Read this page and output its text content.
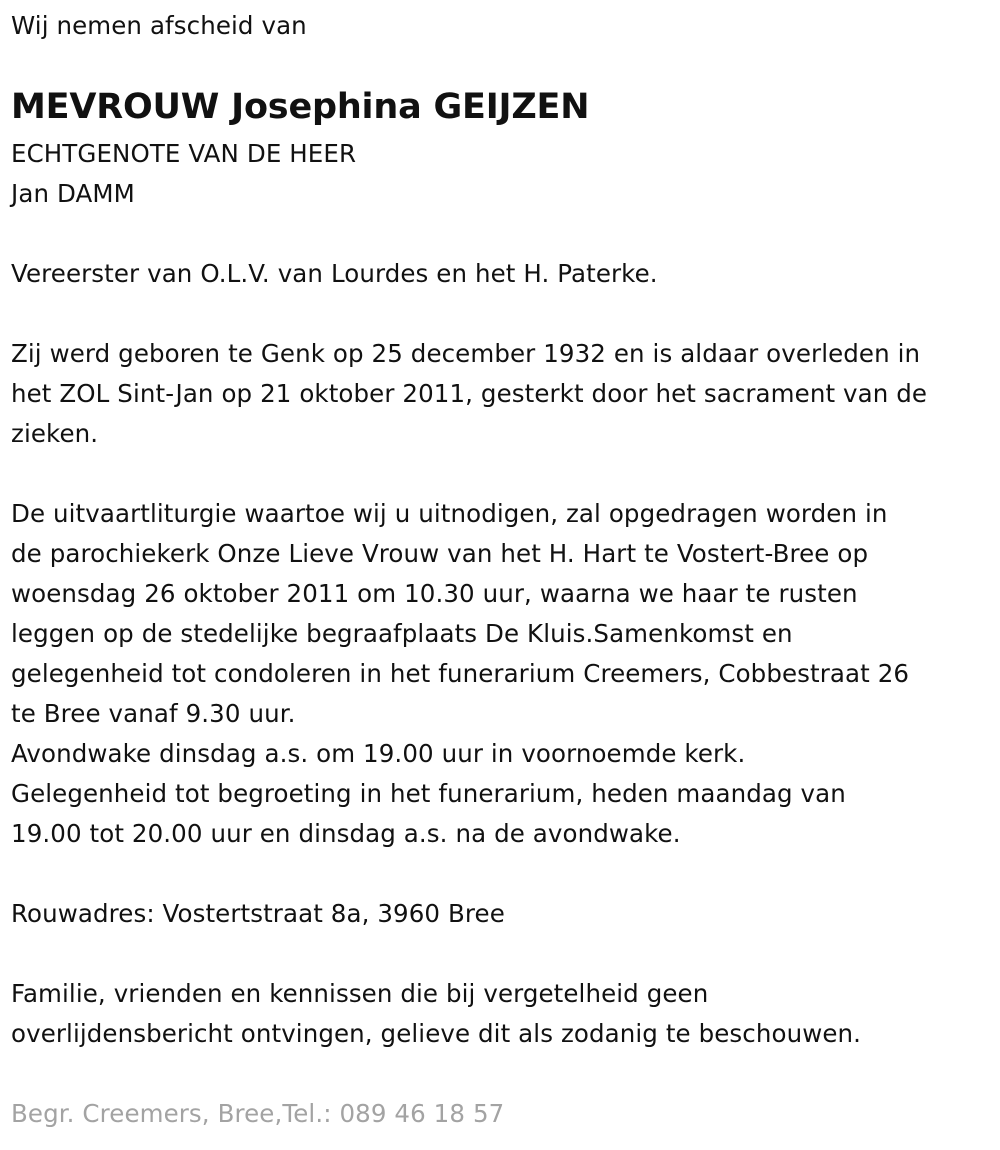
Wij nemen afscheid van
MEVROUW Josephina GEIJZEN
ECHTGENOTE VAN DE HEER
Jan DAMM
Vereerster van O.L.V. van Lourdes en het H. Paterke.
Zij werd geboren te Genk op 25 december 1932 en is aldaar overleden in
het ZOL Sint-Jan op 21 oktober 2011, gesterkt door het sacrament van de
zieken.
De uitvaartliturgie waartoe wij u uitnodigen, zal opgedragen worden in
de parochiekerk Onze Lieve Vrouw van het H. Hart te Vostert-Bree op
woensdag 26 oktober 2011 om 10.30 uur, waarna we haar te rusten
leggen op de stedelijke begraafplaats De Kluis.Samenkomst en
gelegenheid tot condoleren in het funerarium Creemers, Cobbestraat 26
te Bree vanaf 9.30 uur.
Avondwake dinsdag a.s. om 19.00 uur in voornoemde kerk.
Gelegenheid tot begroeting in het funerarium, heden maandag van
19.00 tot 20.00 uur en dinsdag a.s. na de avondwake.
Rouwadres: Vostertstraat 8a, 3960 Bree
Familie, vrienden en kennissen die bij vergetelheid geen
overlijdensbericht ontvingen, gelieve dit als zodanig te beschouwen.
Begr. Creemers, Bree,Tel.: 089 46 18 57
